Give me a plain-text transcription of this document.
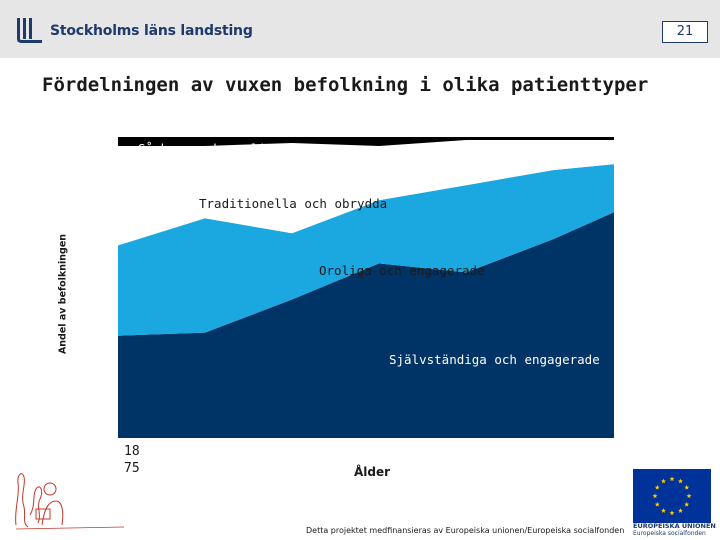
Stockholms läns landsting	21
Fördelningen av vuxen befolkning i olika patienttyper
Andel av befolkningen
Sårbara och oroliga
Traditionella och obrydda
Oroliga och engagerade
Självständiga och engagerade
18
75	Ålder
EUROPEISKA UNIONEN
Europeiska socialfonden
Detta projektet medfinansieras av Europeiska unionen/Europeiska socialfonden
